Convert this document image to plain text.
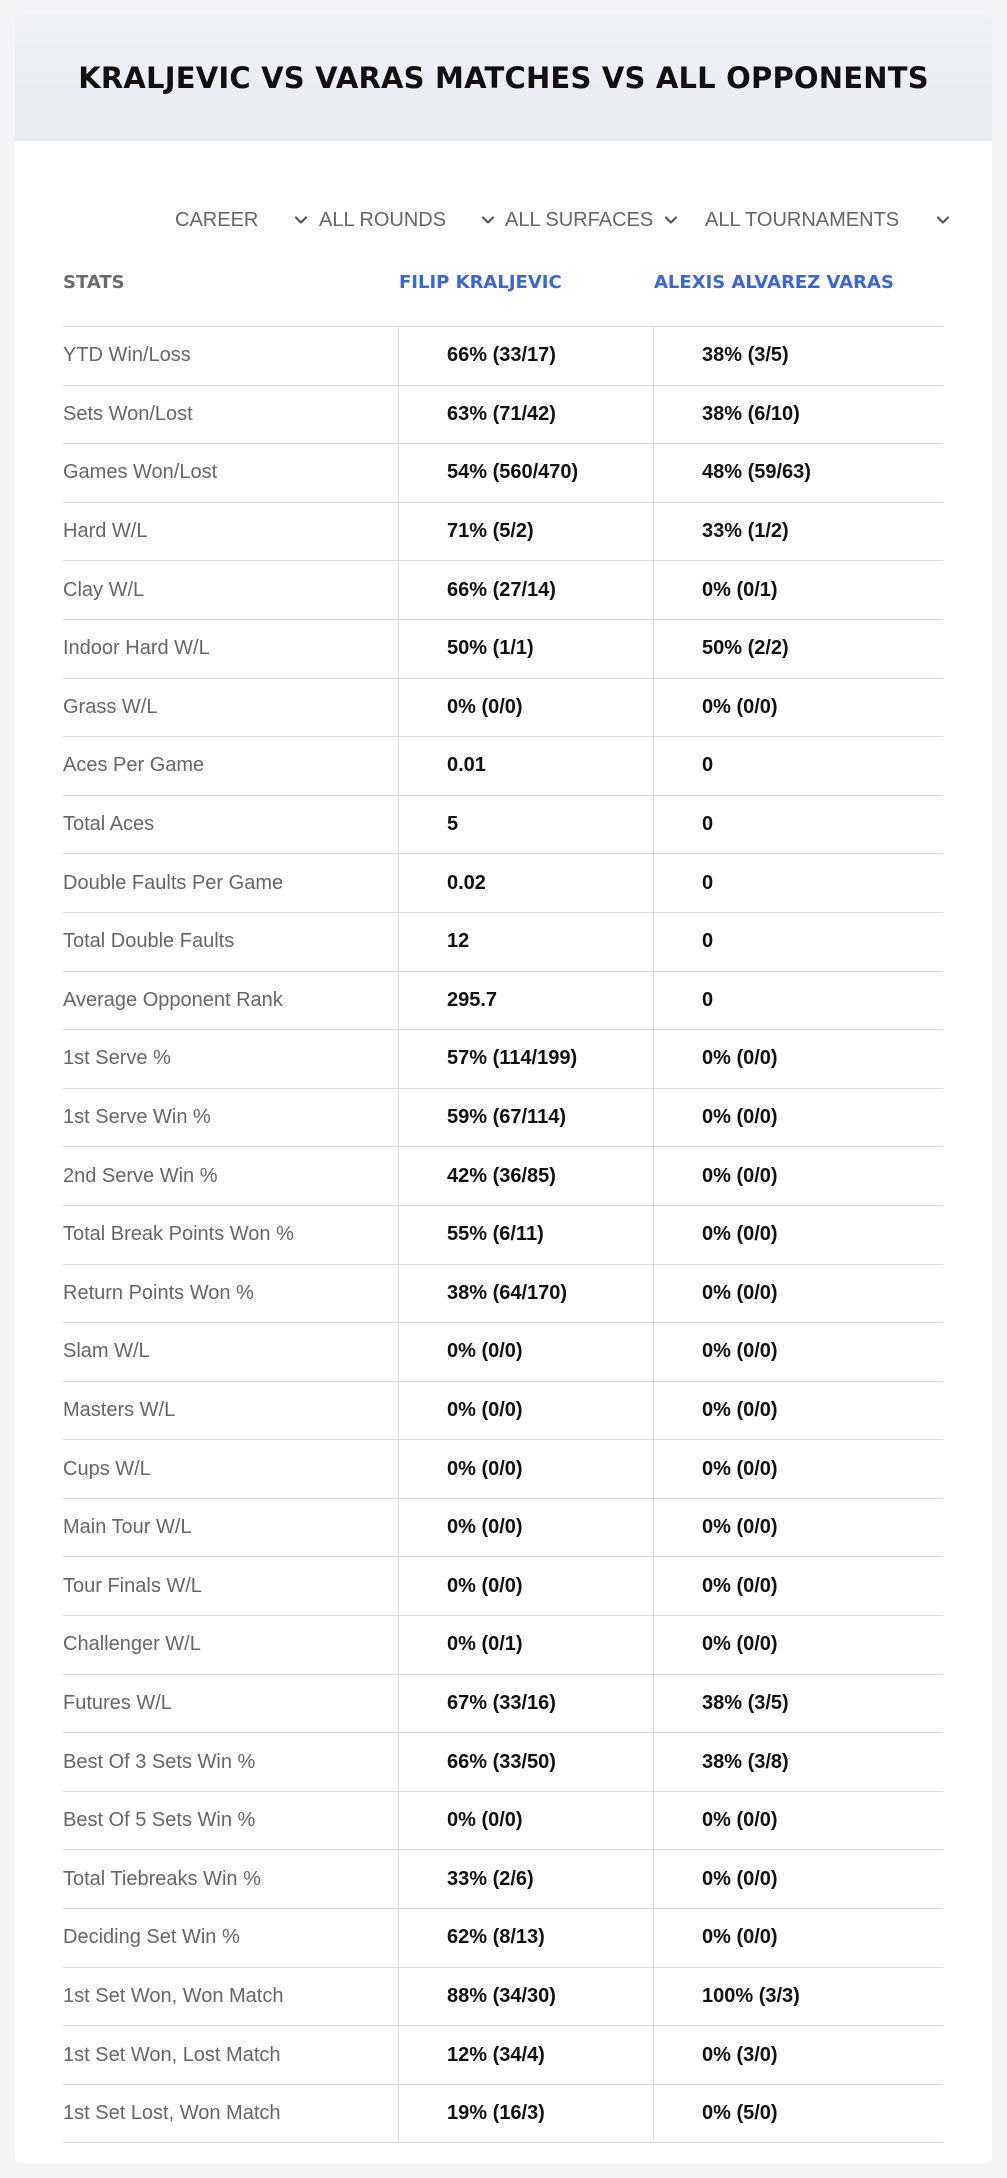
KRALJEVIC VS VARAS MATCHES VS ALL OPPONENTS
CAREER	ALL ROUNDS	ALL SURFACES	ALL TOURNAMENTS
STATS	FILIP KRALJEVIC	ALEXIS ALVAREZ VARAS
YTD Win/Loss	66% (33/17)	38% (3/5)
Sets Won/Lost	63% (71/42)	38% (6/10)
Games Won/Lost	54% (560/470)	48% (59/63)
Hard W/L	71% (5/2)	33% (1/2)
Clay W/L	66% (27/14)	0% (0/1)
Indoor Hard W/L	50% (1/1)	50% (2/2)
Grass W/L	0% (0/0)	0% (0/0)
Aces Per Game	0.01	0
Total Aces	5	0
Double Faults Per Game	0.02	0
Total Double Faults	12	0
Average Opponent Rank	295.7	0
1st Serve %	57% (114/199)	0% (0/0)
1st Serve Win %	59% (67/114)	0% (0/0)
2nd Serve Win %	42% (36/85)	0% (0/0)
Total Break Points Won %	55% (6/11)	0% (0/0)
Return Points Won %	38% (64/170)	0% (0/0)
Slam W/L	0% (0/0)	0% (0/0)
Masters W/L	0% (0/0)	0% (0/0)
Cups W/L	0% (0/0)	0% (0/0)
Main Tour W/L	0% (0/0)	0% (0/0)
Tour Finals W/L	0% (0/0)	0% (0/0)
Challenger W/L	0% (0/1)	0% (0/0)
Futures W/L	67% (33/16)	38% (3/5)
Best Of 3 Sets Win %	66% (33/50)	38% (3/8)
Best Of 5 Sets Win %	0% (0/0)	0% (0/0)
Total Tiebreaks Win %	33% (2/6)	0% (0/0)
Deciding Set Win %	62% (8/13)	0% (0/0)
1st Set Won, Won Match	88% (34/30)	100% (3/3)
1st Set Won, Lost Match	12% (34/4)	0% (3/0)
1st Set Lost, Won Match	19% (16/3)	0% (5/0)
